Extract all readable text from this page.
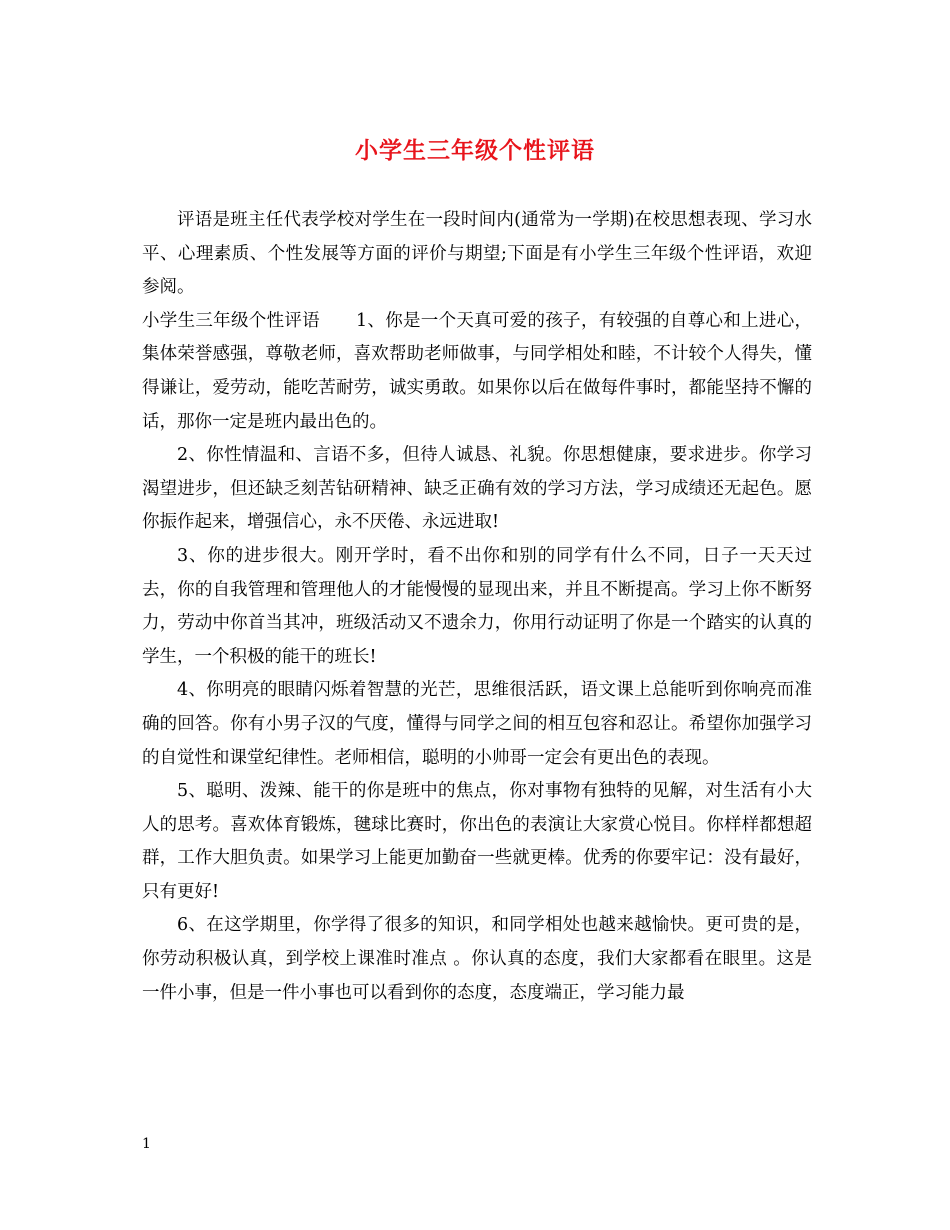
小学生三年级个性评语

评语是班主任代表学校对学生在一段时间内(通常为一学期)在校思想表现、学习水平、心理素质、个性发展等方面的评价与期望;下面是有小学生三年级个性评语，欢迎参阅。

小学生三年级个性评语 1、你是一个天真可爱的孩子，有较强的自尊心和上进心，集体荣誉感强，尊敬老师，喜欢帮助老师做事，与同学相处和睦，不计较个人得失，懂得谦让，爱劳动，能吃苦耐劳，诚实勇敢。如果你以后在做每件事时，都能坚持不懈的话，那你一定是班内最出色的。

2、你性情温和、言语不多，但待人诚恳、礼貌。你思想健康，要求进步。你学习渴望进步，但还缺乏刻苦钻研精神、缺乏正确有效的学习方法，学习成绩还无起色。愿你振作起来，增强信心，永不厌倦、永远进取!

3、你的进步很大。刚开学时，看不出你和别的同学有什么不同，日子一天天过去，你的自我管理和管理他人的才能慢慢的显现出来，并且不断提高。学习上你不断努力，劳动中你首当其冲，班级活动又不遗余力，你用行动证明了你是一个踏实的认真的学生，一个积极的能干的班长!

4、你明亮的眼睛闪烁着智慧的光芒，思维很活跃，语文课上总能听到你响亮而准确的回答。你有小男子汉的气度，懂得与同学之间的相互包容和忍让。希望你加强学习的自觉性和课堂纪律性。老师相信，聪明的小帅哥一定会有更出色的表现。

5、聪明、泼辣、能干的你是班中的焦点，你对事物有独特的见解，对生活有小大人的思考。喜欢体育锻炼，毽球比赛时，你出色的表演让大家赏心悦目。你样样都想超群，工作大胆负责。如果学习上能更加勤奋一些就更棒。优秀的你要牢记：没有最好，只有更好!

6、在这学期里，你学得了很多的知识，和同学相处也越来越愉快。更可贵的是，你劳动积极认真，到学校上课准时准点 。你认真的态度，我们大家都看在眼里。这是一件小事，但是一件小事也可以看到你的态度，态度端正，学习能力最

1
